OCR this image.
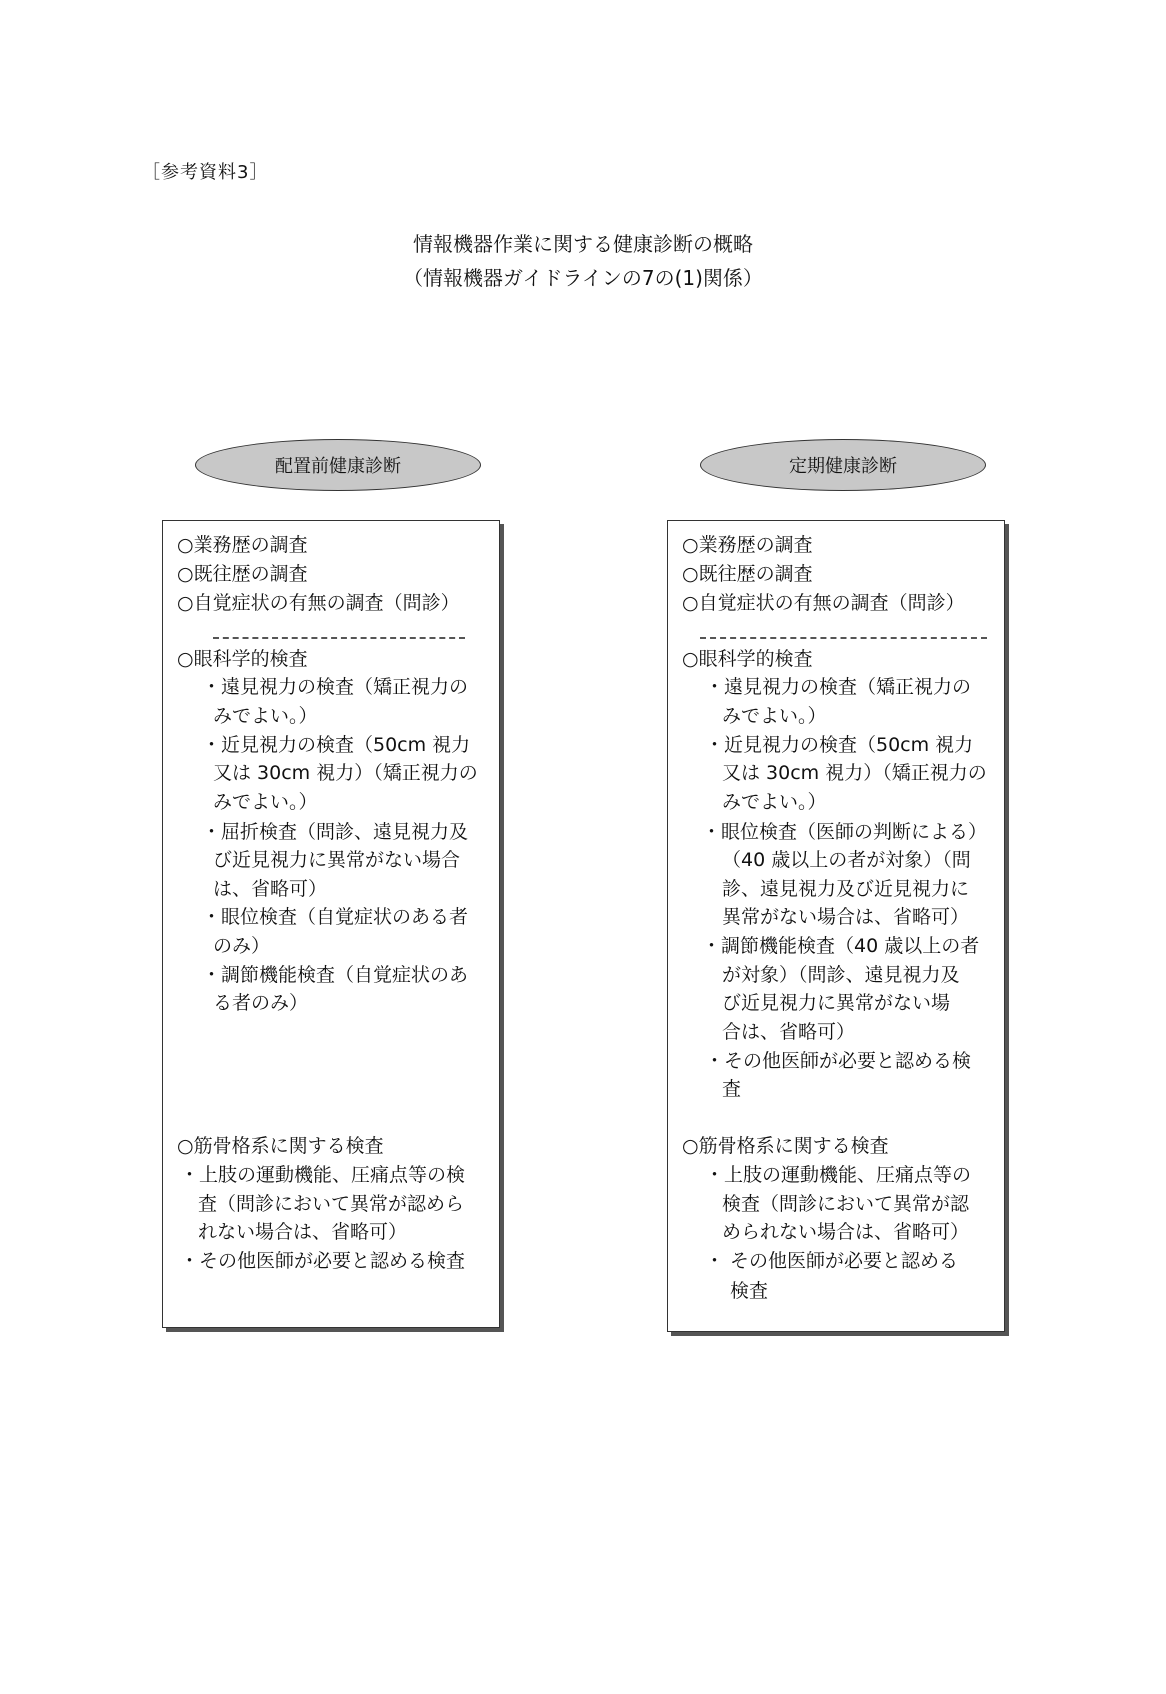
［参考資料3］
情報機器作業に関する健康診断の概略
（情報機器ガイドラインの7の(1)関係）
配置前健康診断	定期健康診断
○業務歴の調査
○既往歴の調査
○自覚症状の有無の調査（問診）
○眼科学的検査
・遠見視力の検査（矯正視力の
みでよい。）
・近見視力の検査（50cm 視力
又は 30cm 視力）（矯正視力の
みでよい。）
・屈折検査（問診、遠見視力及
び近見視力に異常がない場合
は、省略可）
・眼位検査（自覚症状のある者
のみ）
・調節機能検査（自覚症状のあ
る者のみ）
○筋骨格系に関する検査
・上肢の運動機能、圧痛点等の検
査（問診において異常が認めら
れない場合は、省略可）
・その他医師が必要と認める検査
○業務歴の調査
○既往歴の調査
○自覚症状の有無の調査（問診）
○眼科学的検査
・遠見視力の検査（矯正視力の
みでよい。）
・近見視力の検査（50cm 視力
又は 30cm 視力）（矯正視力の
みでよい。）
・眼位検査（医師の判断による）
（40 歳以上の者が対象）（問
診、遠見視力及び近見視力に
異常がない場合は、省略可）
・調節機能検査（40 歳以上の者
が対象）（問診、遠見視力及
び近見視力に異常がない場
合は、省略可）
・その他医師が必要と認める検
査
○筋骨格系に関する検査
・上肢の運動機能、圧痛点等の
検査（問診において異常が認
められない場合は、省略可）
・ その他医師が必要と認める
検査
